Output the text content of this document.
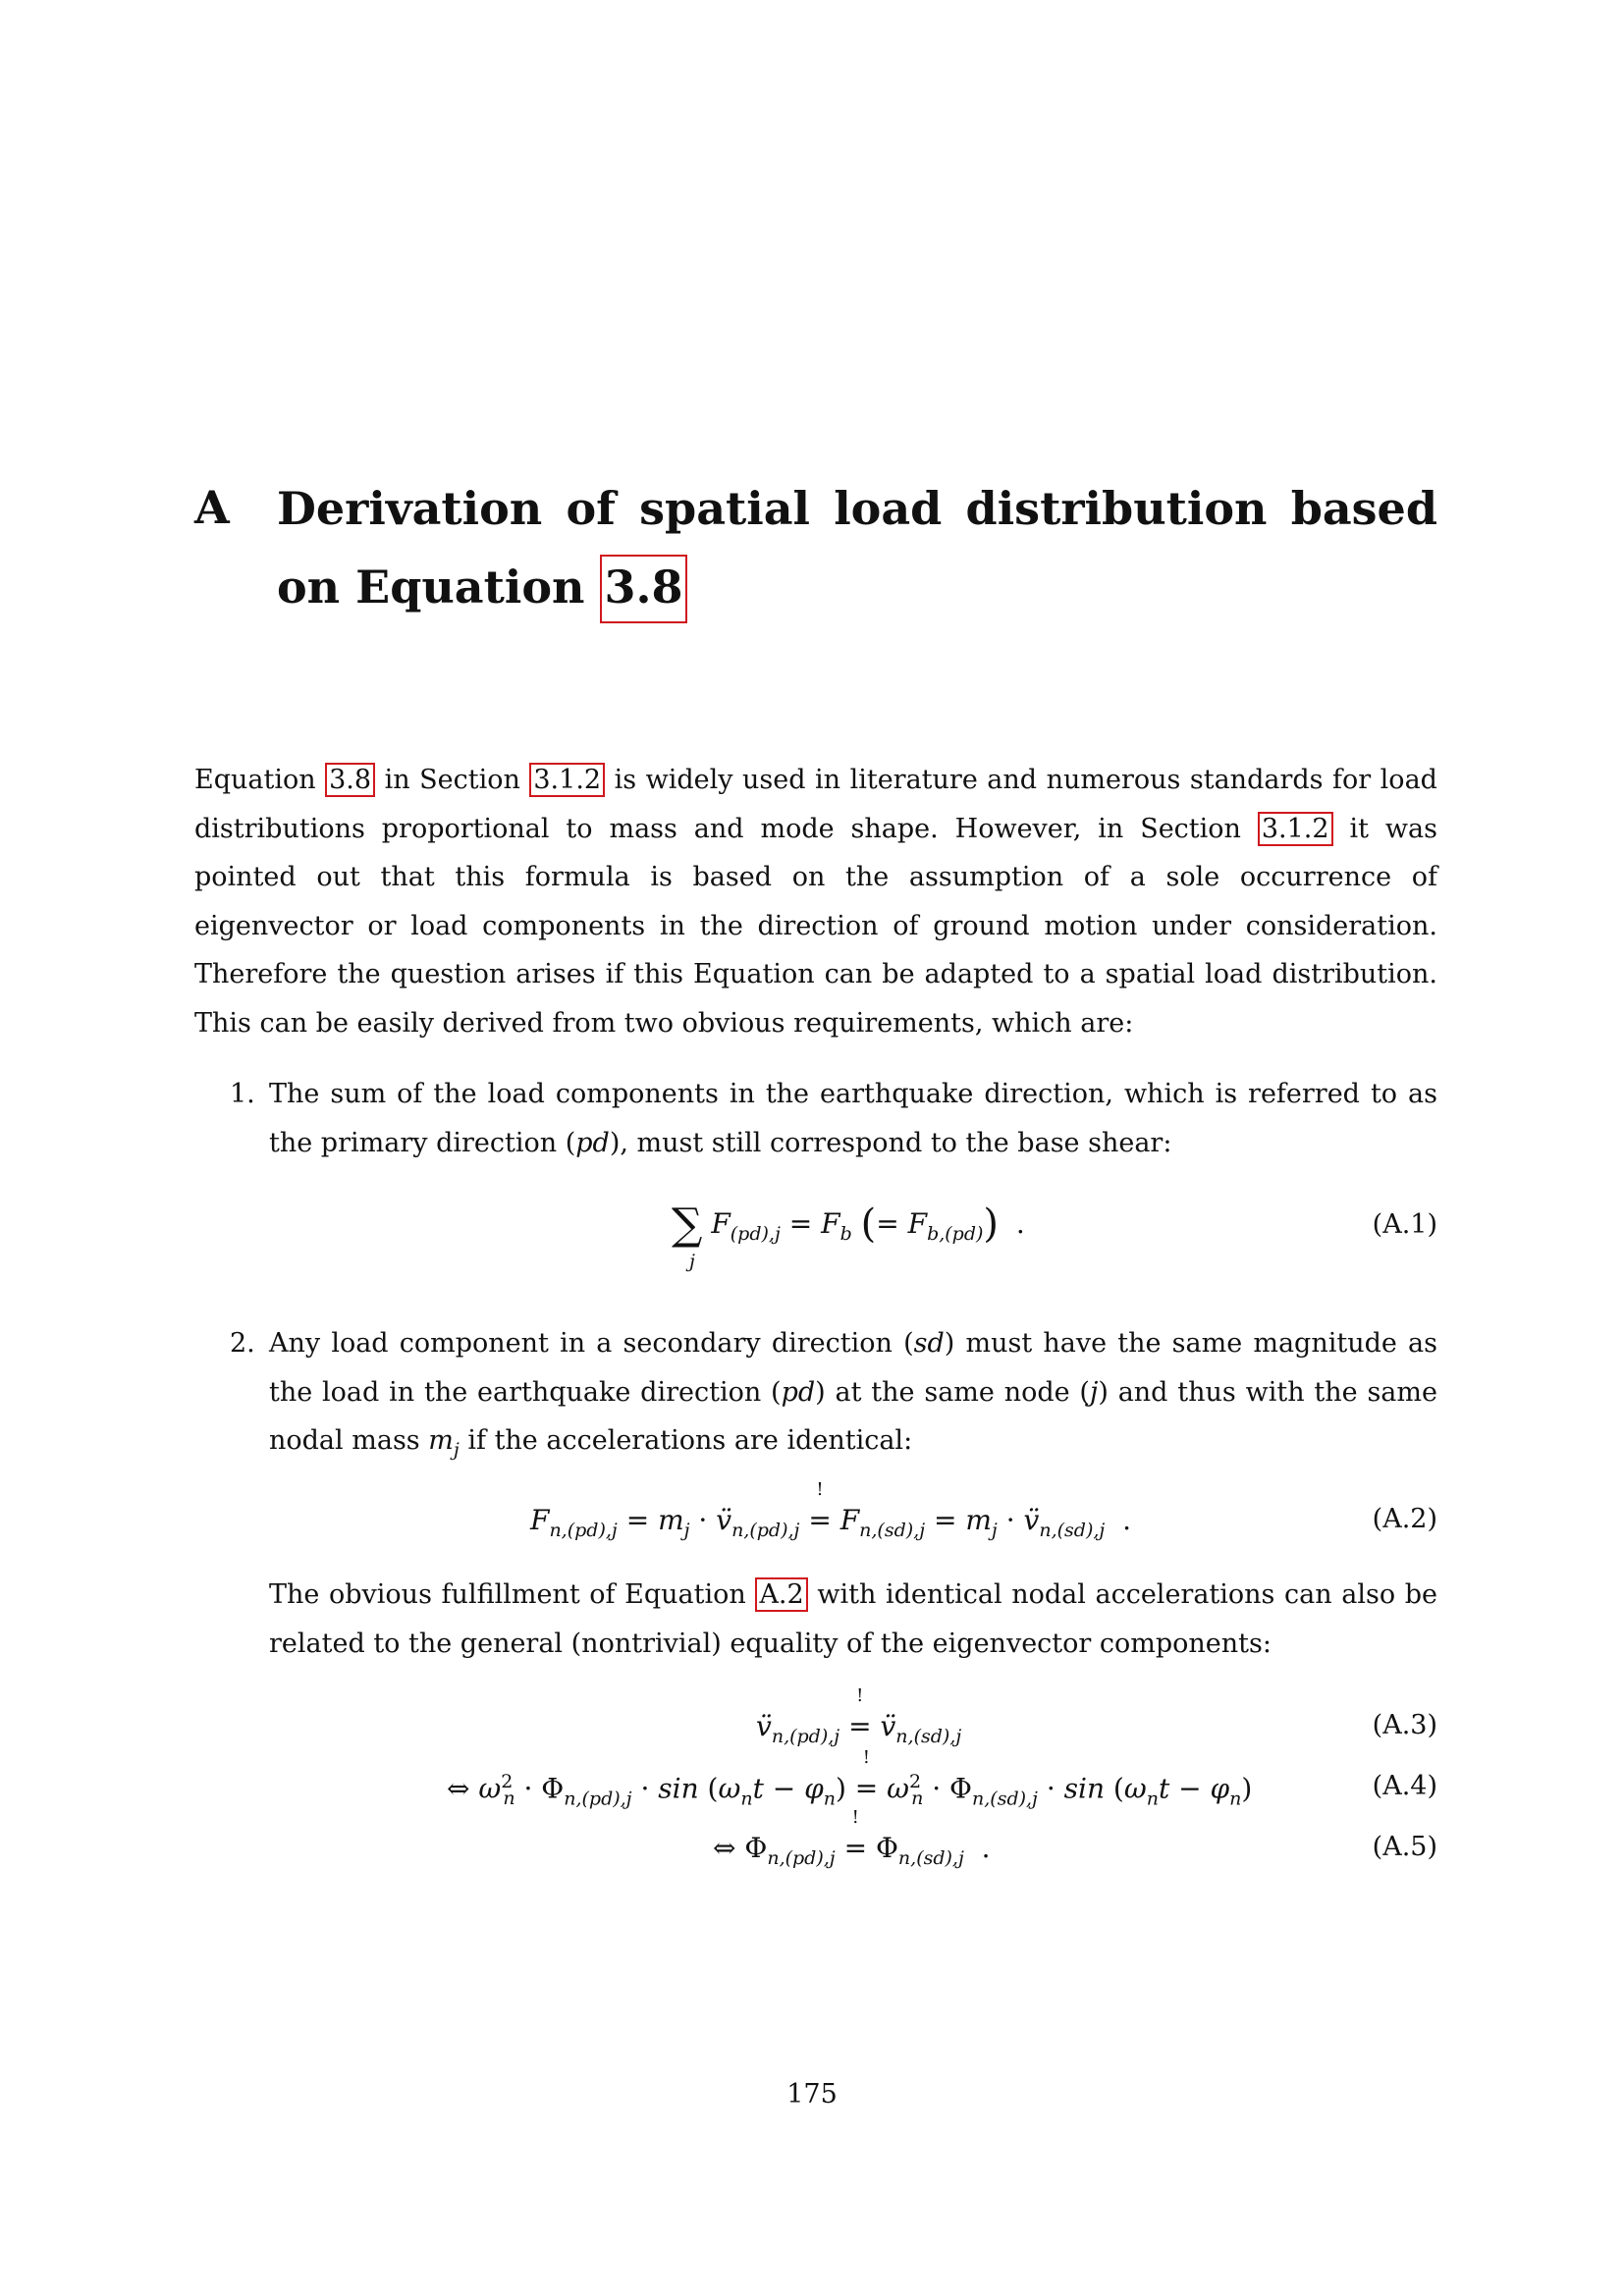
A Derivation of spatial load distribution based on Equation 3.8
Equation 3.8 in Section 3.1.2 is widely used in literature and numerous standards for load distributions proportional to mass and mode shape. However, in Section 3.1.2 it was pointed out that this formula is based on the assumption of a sole occurrence of eigenvector or load components in the direction of ground motion under consideration. Therefore the question arises if this Equation can be adapted to a spatial load distribution. This can be easily derived from two obvious requirements, which are:
1. The sum of the load components in the earthquake direction, which is referred to as the primary direction (pd), must still correspond to the base shear:
∑
j
$F_{(pd),j} = F_b$ (= $F_{b,(pd)}$)  .	(A.1)
2. Any load component in a secondary direction (sd) must have the same magnitude as the load in the earthquake direction (pd) at the same node (j) and thus with the same nodal mass $m_j$ if the accelerations are identical:
$F_{n,(pd),j} = m_j$ · $v̈_{n,(pd),j}$ ! = $F_{n,(sd),j} = m_j$ · $v̈_{n,(sd),j}$  .	(A.2)
The obvious fulfillment of Equation A.2 with identical nodal accelerations can also be related to the general (nontrivial) equality of the eigenvector components:
$v̈_{n,(pd),j}$ ! = $v̈_{n,(sd),j}$	(A.3)
⇔ $\omega^2_n \cdot \Phi_{n,(pd),j} \cdot \sin (\omega_nt - \varphi_n)$ ! = $\omega^2_n \cdot \Phi_{n,(sd),j} \cdot \sin (\omega_nt - \varphi_n)$	(A.4)
⇔ $\Phi_{n,(pd),j}$ ! = $\Phi_{n,(sd),j}$  .	(A.5)
175
